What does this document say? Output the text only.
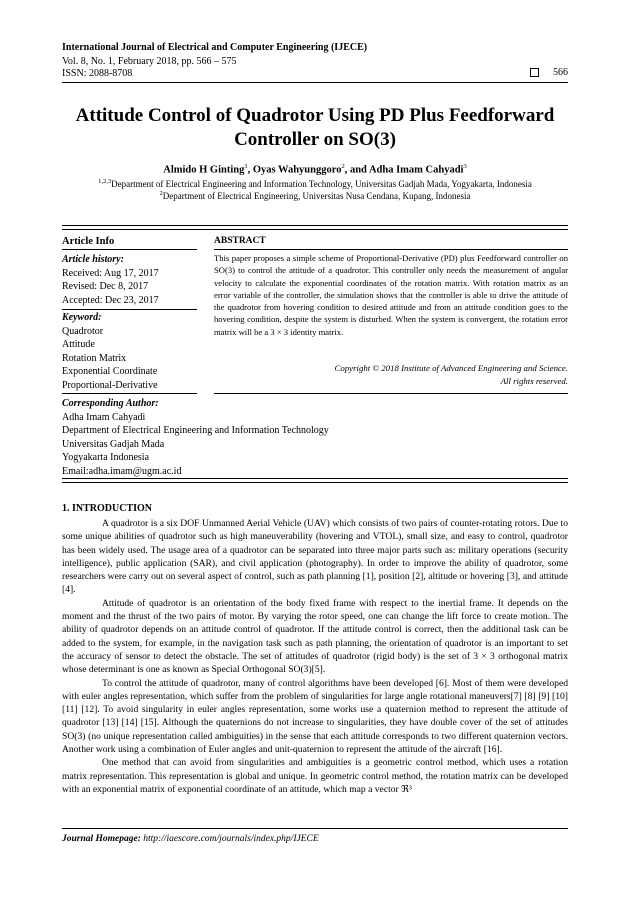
International Journal of Electrical and Computer Engineering (IJECE)
Vol. 8, No. 1, February 2018, pp. 566 – 575
ISSN: 2088-8708	566
Attitude Control of Quadrotor Using PD Plus Feedforward
Controller on SO(3)
Almido H Ginting$^1$, Oyas Wahyunggoro$^2$, and Adha Imam Cahyadi$^3$
$^{1,2,3}$Department of Electrical Engineering and Information Technology, Universitas Gadjah Mada, Yogyakarta, Indonesia
$^2$Department of Electrical Engineering, Universitas Nusa Cendana, Kupang, Indonesia
Article Info
Article history:
Received: Aug 17, 2017
Revised: Dec 8, 2017
Accepted: Dec 23, 2017
Keyword:
Quadrotor
Attitude
Rotation Matrix
Exponential Coordinate
Proportional-Derivative
ABSTRACT
This paper proposes a simple scheme of Proportional-Derivative (PD) plus Feedforward controller on SO(3) to control the attitude of a quadrotor. This controller only needs the measurement of angular velocity to calculate the exponential coordinates of the rotation matrix. With rotation matrix as an error variable of the controller, the simulation shows that the controller is able to drive the attitude of the quadrotor from hovering condition to desired attitude and from an attitude condition goes to the hovering condition, despite the system is disturbed. When the system is convergent, the rotation error matrix will be a 3 × 3 identity matrix.
Copyright © 2018 Institute of Advanced Engineering and Science.
All rights reserved.
Corresponding Author:
Adha Imam Cahyadi
Department of Electrical Engineering and Information Technology
Universitas Gadjah Mada
Yogyakarta Indonesia
Email:adha.imam@ugm.ac.id
1. INTRODUCTION

A quadrotor is a six DOF Unmanned Aerial Vehicle (UAV) which consists of two pairs of counter-rotating rotors. Due to some unique abilities of quadrotor such as high maneuverability (hovering and VTOL), small size, and easy to control, quadrotor has been widely used. The usage area of a quadrotor can be separated into three major parts such as: military operations (security intelligence), public application (SAR), and civil application (photography). In order to improve the ability of quadrotor, some researchers were carry out on several aspect of control, such as path planning [1], position [2], altitude or hovering [3], and attitude [4].

Attitude of quadrotor is an orientation of the body fixed frame with respect to the inertial frame. It depends on the moment and the thrust of the two pairs of motor. By varying the rotor speed, one can change the lift force to create motion. The ability of quadrotor depends on an attitude control of quadrotor. If the attitude control is correct, then the additional task can be added to the system, for example, in the navigation task such as path planning, the orientation of quadrotor is an important to set the accuracy of sensor to detect the obstacle. The set of attitudes of quadrotor (rigid body) is the set of 3 × 3 orthogonal matrix whose determinant is one as known as Special Orthogonal SO(3)[5].

To control the attitude of quadrotor, many of control algorithms have been developed [6]. Most of them were developed with euler angles representation, which suffer from the problem of singularities for large angle rotational maneuvers[7] [8] [9] [10][11] [12]. To avoid singularity in euler angles representation, some works use a quaternion method to represent the attitude of quadrotor [13] [14] [15]. Although the quaternions do not increase to singularities, they have double cover of the set of attitudes SO(3) (no unique representation called ambiguities) in the sense that each attitude corresponds to two different quaternion vectors. Another work using a combination of Euler angles and unit-quaternion to represent the attitude of the aircraft [16].

One method that can avoid from singularities and ambiguities is a geometric control method, which uses a rotation matrix representation. This representation is global and unique. In geometric control method, the rotation matrix can be developed with an exponential matrix of exponential coordinate of an attitude, which map a vector ℜ³

Journal Homepage: http://iaescore.com/journals/index.php/IJECE
